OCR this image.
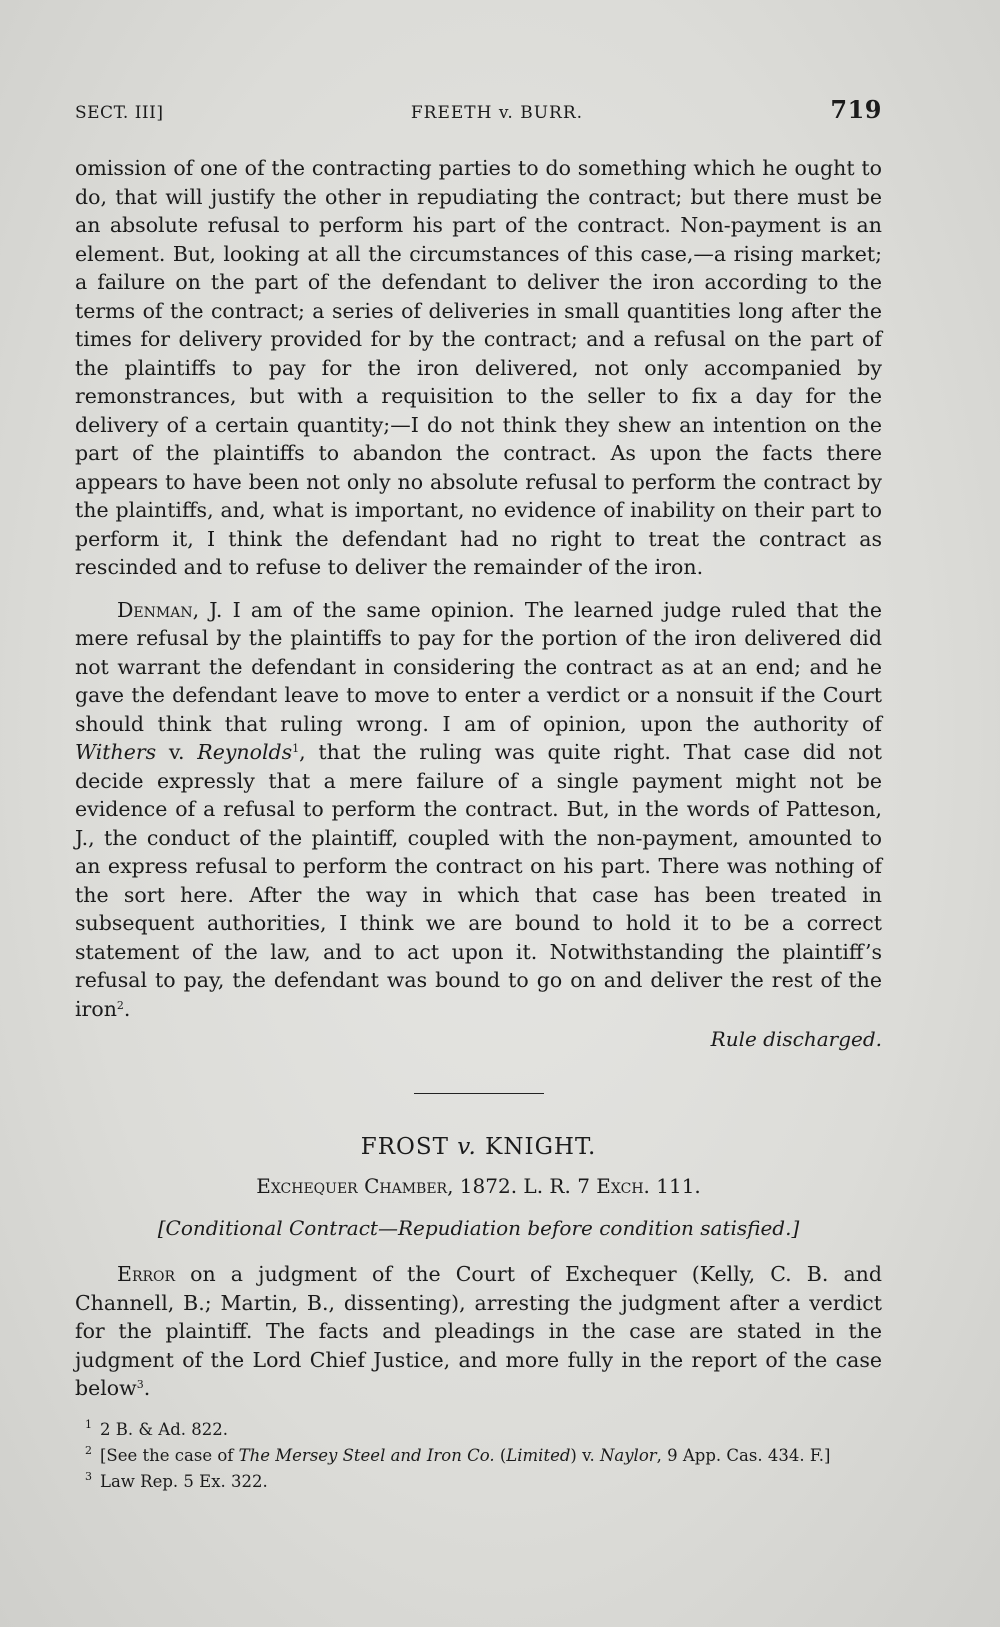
SECT. III]	FREETH v. BURR.	719

omission of one of the contracting parties to do something which he ought to do, that will justify the other in repudiating the contract; but there must be an absolute refusal to perform his part of the contract. Non-payment is an element. But, looking at all the circumstances of this case,—a rising market; a failure on the part of the defendant to deliver the iron according to the terms of the contract; a series of deliveries in small quantities long after the times for delivery provided for by the contract; and a refusal on the part of the plaintiffs to pay for the iron delivered, not only accompanied by remonstrances, but with a requisition to the seller to fix a day for the delivery of a certain quantity;—I do not think they shew an intention on the part of the plaintiffs to abandon the contract. As upon the facts there appears to have been not only no absolute refusal to perform the contract by the plaintiffs, and, what is important, no evidence of inability on their part to perform it, I think the defendant had no right to treat the contract as rescinded and to refuse to deliver the remainder of the iron.

Denman, J. I am of the same opinion. The learned judge ruled that the mere refusal by the plaintiffs to pay for the portion of the iron delivered did not warrant the defendant in considering the contract as at an end; and he gave the defendant leave to move to enter a verdict or a nonsuit if the Court should think that ruling wrong. I am of opinion, upon the authority of Withers v. Reynolds$^1$, that the ruling was quite right. That case did not decide expressly that a mere failure of a single payment might not be evidence of a refusal to perform the contract. But, in the words of Patteson, J., the conduct of the plaintiff, coupled with the non-payment, amounted to an express refusal to perform the contract on his part. There was nothing of the sort here. After the way in which that case has been treated in subsequent authorities, I think we are bound to hold it to be a correct statement of the law, and to act upon it. Notwithstanding the plaintiff’s refusal to pay, the defendant was bound to go on and deliver the rest of the iron$^2$.

Rule discharged.
FROST v. KNIGHT.
Exchequer Chamber, 1872. L. R. 7 Exch. 111.
[Conditional Contract—Repudiation before condition satisfied.]

Error on a judgment of the Court of Exchequer (Kelly, C. B. and Channell, B.; Martin, B., dissenting), arresting the judgment after a verdict for the plaintiff. The facts and pleadings in the case are stated in the judgment of the Lord Chief Justice, and more fully in the report of the case below$^3$.

$^1$ 2 B. & Ad. 822.
$^2$ [See the case of The Mersey Steel and Iron Co. (Limited) v. Naylor, 9 App. Cas. 434. F.]
$^3$ Law Rep. 5 Ex. 322.
